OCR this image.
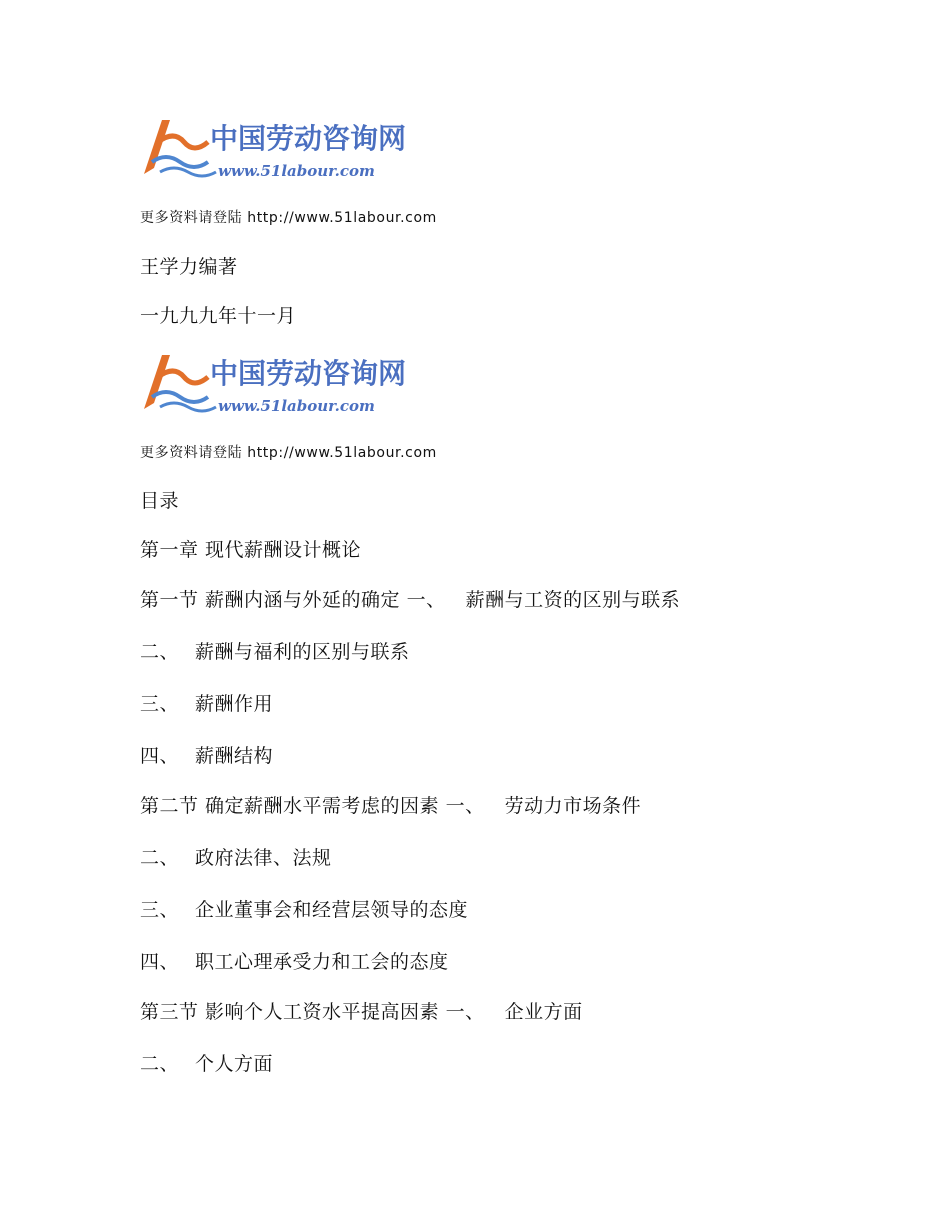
中国劳动咨询网
www.51labour.com
更多资料请登陆 http://www.51labour.com
王学力编著
一九九九年十一月
中国劳动咨询网
www.51labour.com
更多资料请登陆 http://www.51labour.com
目录
第一章 现代薪酬设计概论
第一节 薪酬内涵与外延的确定 一、 薪酬与工资的区别与联系
二、 薪酬与福利的区别与联系
三、 薪酬作用
四、 薪酬结构
第二节 确定薪酬水平需考虑的因素 一、 劳动力市场条件
二、 政府法律、法规
三、 企业董事会和经营层领导的态度
四、 职工心理承受力和工会的态度
第三节 影响个人工资水平提高因素 一、 企业方面
二、 个人方面
